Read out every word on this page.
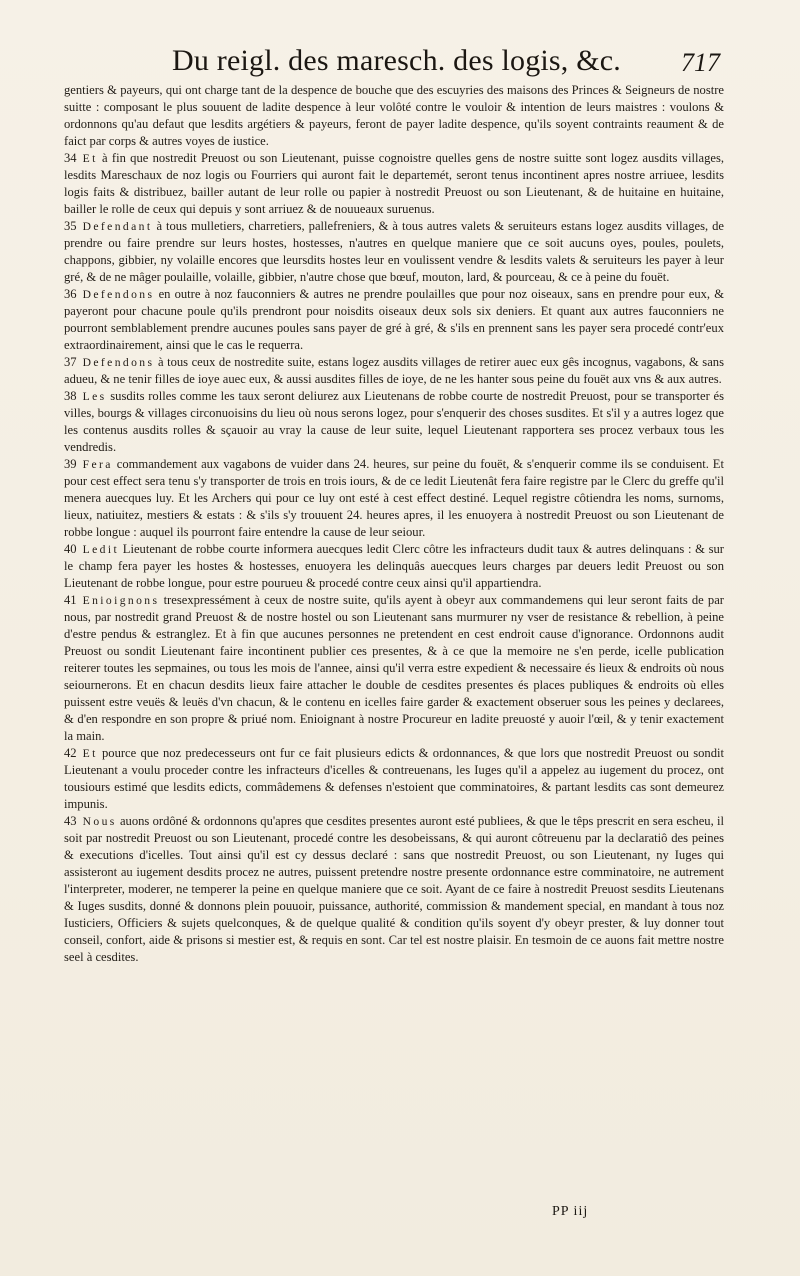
Du reigl. des maresch. des logis, &c. 717

gentiers & payeurs, qui ont charge tant de la despence de bouche que des escuyries des maisons des Princes & Seigneurs de nostre suitte : composant le plus souuent de ladite despence à leur volôté contre le vouloir & intention de leurs maistres : voulons & ordonnons qu'au defaut que lesdits argétiers & payeurs, feront de payer ladite despence, qu'ils soyent contraints reaument & de faict par corps & autres voyes de iustice.

34 Et à fin que nostredit Preuost ou son Lieutenant, puisse cognoistre quelles gens de nostre suitte sont logez ausdits villages, lesdits Mareschaux de noz logis ou Fourriers qui auront fait le departemét, seront tenus incontinent apres nostre arriuee, lesdits logis faits & distribuez, bailler autant de leur rolle ou papier à nostredit Preuost ou son Lieutenant, & de huitaine en huitaine, bailler le rolle de ceux qui depuis y sont arriuez & de nouueaux suruenus.

35 Defendant à tous mulletiers, charretiers, pallefreniers, & à tous autres valets & seruiteurs estans logez ausdits villages, de prendre ou faire prendre sur leurs hostes, hostesses, n'autres en quelque maniere que ce soit aucuns oyes, poules, poulets, chappons, gibbier, ny volaille encores que leursdits hostes leur en voulissent vendre & lesdits valets & seruiteurs les payer à leur gré, & de ne mâger poulaille, volaille, gibbier, n'autre chose que bœuf, mouton, lard, & pourceau, & ce à peine du fouët.

36 Defendons en outre à noz fauconniers & autres ne prendre poulailles que pour noz oiseaux, sans en prendre pour eux, & payeront pour chacune poule qu'ils prendront pour noisdits oiseaux deux sols six deniers. Et quant aux autres fauconniers ne pourront semblablement prendre aucunes poules sans payer de gré à gré, & s'ils en prennent sans les payer sera procedé contr'eux extraordinairement, ainsi que le cas le requerra.

37 Defendons à tous ceux de nostredite suite, estans logez ausdits villages de retirer auec eux gês incognus, vagabons, & sans adueu, & ne tenir filles de ioye auec eux, & aussi ausdites filles de ioye, de ne les hanter sous peine du fouët aux vns & aux autres.

38 Les susdits rolles comme les taux seront deliurez aux Lieutenans de robbe courte de nostredit Preuost, pour se transporter és villes, bourgs & villages circonuoisins du lieu où nous serons logez, pour s'enquerir des choses susdites. Et s'il y a autres logez que les contenus ausdits rolles & sçauoir au vray la cause de leur suite, lequel Lieutenant rapportera ses procez verbaux tous les vendredis.

39 Fera commandement aux vagabons de vuider dans 24. heures, sur peine du fouët, & s'enquerir comme ils se conduisent. Et pour cest effect sera tenu s'y transporter de trois en trois iours, & de ce ledit Lieutenât fera faire registre par le Clerc du greffe qu'il menera auecques luy. Et les Archers qui pour ce luy ont esté à cest effect destiné. Lequel registre côtiendra les noms, surnoms, lieux, natiuitez, mestiers & estats : & s'ils s'y trouuent 24. heures apres, il les enuoyera à nostredit Preuost ou son Lieutenant de robbe longue : auquel ils pourront faire entendre la cause de leur seiour.

40 Ledit Lieutenant de robbe courte informera auecques ledit Clerc côtre les infracteurs dudit taux & autres delinquans : & sur le champ fera payer les hostes & hostesses, enuoyera les delinquâs auecques leurs charges par deuers ledit Preuost ou son Lieutenant de robbe longue, pour estre pourueu & procedé contre ceux ainsi qu'il appartiendra.

41 Enioignons tresexpressément à ceux de nostre suite, qu'ils ayent à obeyr aux commandemens qui leur seront faits de par nous, par nostredit grand Preuost & de nostre hostel ou son Lieutenant sans murmurer ny vser de resistance & rebellion, à peine d'estre pendus & estranglez. Et à fin que aucunes personnes ne pretendent en cest endroit cause d'ignorance. Ordonnons audit Preuost ou sondit Lieutenant faire incontinent publier ces presentes, & à ce que la memoire ne s'en perde, icelle publication reiterer toutes les sepmaines, ou tous les mois de l'annee, ainsi qu'il verra estre expedient & necessaire és lieux & endroits où nous seiournerons. Et en chacun desdits lieux faire attacher le double de cesdites presentes és places publiques & endroits où elles puissent estre veuës & leuës d'vn chacun, & le contenu en icelles faire garder & exactement obseruer sous les peines y declarees, & d'en respondre en son propre & priué nom. Enioignant à nostre Procureur en ladite preuosté y auoir l'œil, & y tenir exactement la main.

42 Et pource que noz predecesseurs ont fur ce fait plusieurs edicts & ordonnances, & que lors que nostredit Preuost ou sondit Lieutenant a voulu proceder contre les infracteurs d'icelles & contreuenans, les Iuges qu'il a appelez au iugement du procez, ont tousiours estimé que lesdits edicts, commâdemens & defenses n'estoient que comminatoires, & partant lesdits cas sont demeurez impunis.

43 Nous auons ordôné & ordonnons qu'apres que cesdites presentes auront esté publiees, & que le têps prescrit en sera escheu, il soit par nostredit Preuost ou son Lieutenant, procedé contre les desobeissans, & qui auront côtreuenu par la declaratiô des peines & executions d'icelles. Tout ainsi qu'il est cy dessus declaré : sans que nostredit Preuost, ou son Lieutenant, ny Iuges qui assisteront au iugement desdits procez ne autres, puissent pretendre nostre presente ordonnance estre comminatoire, ne autrement l'interpreter, moderer, ne temperer la peine en quelque maniere que ce soit. Ayant de ce faire à nostredit Preuost sesdits Lieutenans & Iuges susdits, donné & donnons plein pouuoir, puissance, authorité, commission & mandement special, en mandant à tous noz Iusticiers, Officiers & sujets quelconques, & de quelque qualité & condition qu'ils soyent d'y obeyr prester, & luy donner tout conseil, confort, aide & prisons si mestier est, & requis en sont. Car tel est nostre plaisir. En tesmoin de ce auons fait mettre nostre seel à cesdites.

PP iij
